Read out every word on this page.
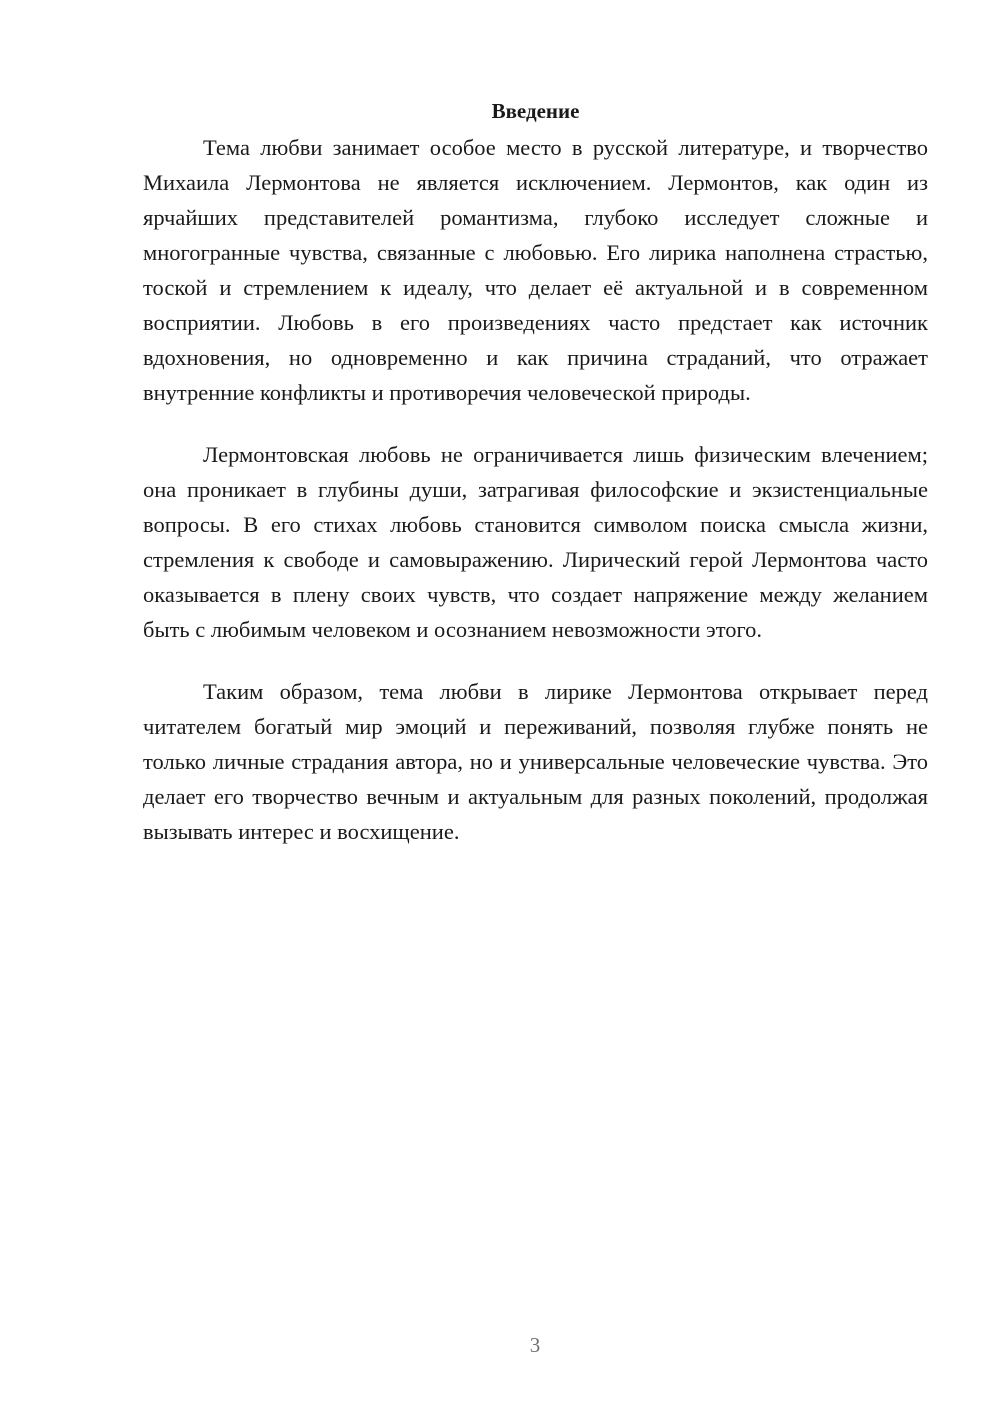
Введение

Тема любви занимает особое место в русской литературе, и творчество Михаила Лермонтова не является исключением. Лермонтов, как один из ярчайших представителей романтизма, глубоко исследует сложные и многогранные чувства, связанные с любовью. Его лирика наполнена страстью, тоской и стремлением к идеалу, что делает её актуальной и в современном восприятии. Любовь в его произведениях часто предстает как источник вдохновения, но одновременно и как причина страданий, что отражает внутренние конфликты и противоречия человеческой природы.

Лермонтовская любовь не ограничивается лишь физическим влечением; она проникает в глубины души, затрагивая философские и экзистенциальные вопросы. В его стихах любовь становится символом поиска смысла жизни, стремления к свободе и самовыражению. Лирический герой Лермонтова часто оказывается в плену своих чувств, что создает напряжение между желанием быть с любимым человеком и осознанием невозможности этого.

Таким образом, тема любви в лирике Лермонтова открывает перед читателем богатый мир эмоций и переживаний, позволяя глубже понять не только личные страдания автора, но и универсальные человеческие чувства. Это делает его творчество вечным и актуальным для разных поколений, продолжая вызывать интерес и восхищение.

3
